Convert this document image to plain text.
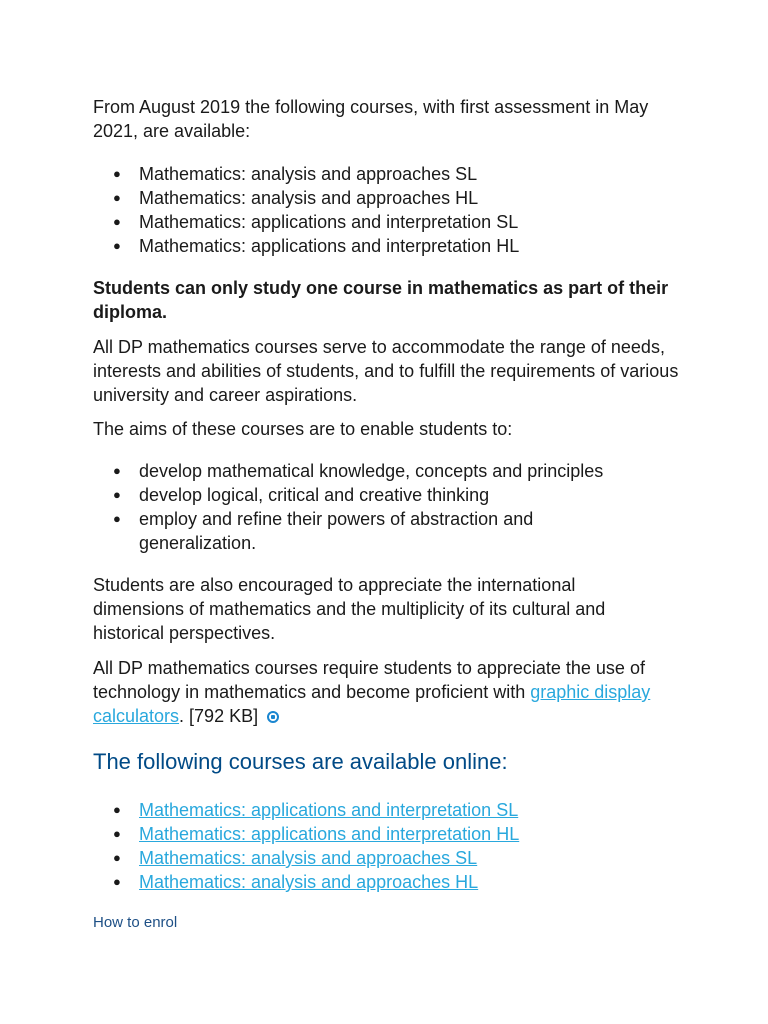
From August 2019 the following courses, with first assessment in May 2021, are available:

● Mathematics: analysis and approaches SL
● Mathematics: analysis and approaches HL
● Mathematics: applications and interpretation SL
● Mathematics: applications and interpretation HL

Students can only study one course in mathematics as part of their diploma.

All DP mathematics courses serve to accommodate the range of needs, interests and abilities of students, and to fulfill the requirements of various university and career aspirations.

The aims of these courses are to enable students to:

● develop mathematical knowledge, concepts and principles
● develop logical, critical and creative thinking
● employ and refine their powers of abstraction and generalization.

Students are also encouraged to appreciate the international dimensions of mathematics and the multiplicity of its cultural and historical perspectives.

All DP mathematics courses require students to appreciate the use of technology in mathematics and become proficient with graphic display calculators. [792 KB]

The following courses are available online:
● Mathematics: applications and interpretation SL
● Mathematics: applications and interpretation HL
● Mathematics: analysis and approaches SL
● Mathematics: analysis and approaches HL
How to enrol
